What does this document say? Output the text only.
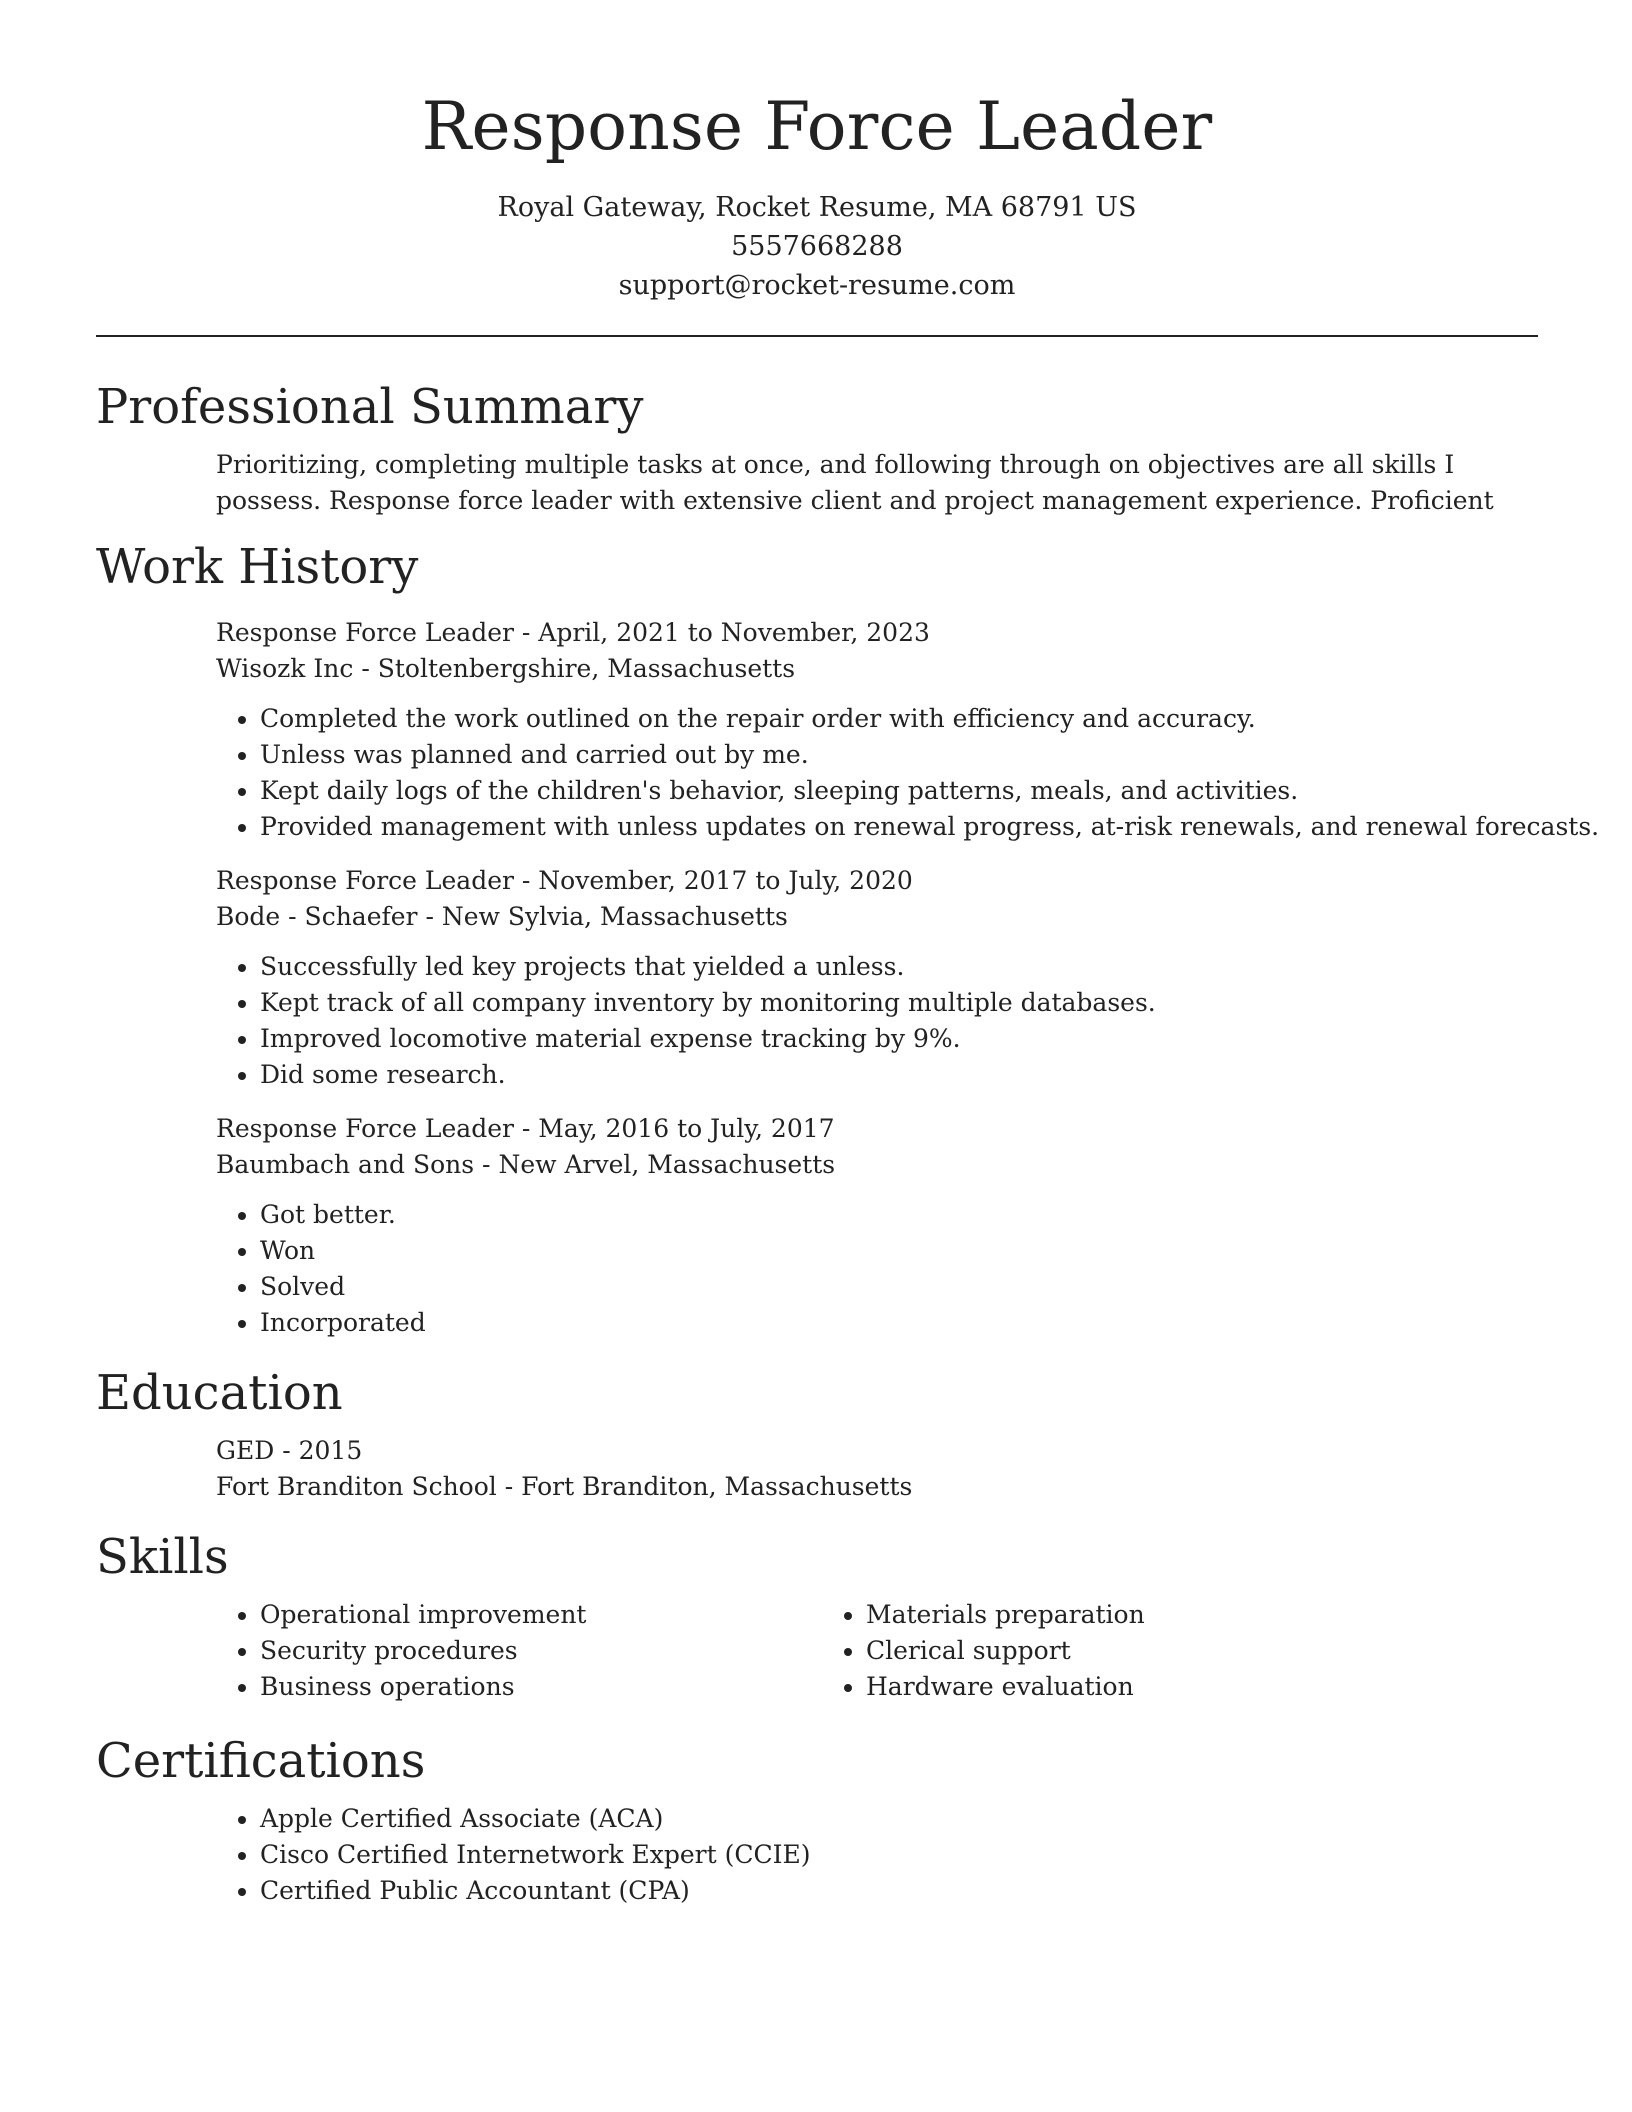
Response Force Leader
Royal Gateway, Rocket Resume, MA 68791 US
5557668288
support@rocket-resume.com
Professional Summary

Prioritizing, completing multiple tasks at once, and following through on objectives are all skills I possess. Response force leader with extensive client and project management experience. Proficient

Work History
Response Force Leader - April, 2021 to November, 2023
Wisozk Inc - Stoltenbergshire, Massachusetts
• Completed the work outlined on the repair order with efficiency and accuracy.
• Unless was planned and carried out by me.
• Kept daily logs of the children's behavior, sleeping patterns, meals, and activities.
• Provided management with unless updates on renewal progress, at-risk renewals, and renewal forecasts.
Response Force Leader - November, 2017 to July, 2020
Bode - Schaefer - New Sylvia, Massachusetts
• Successfully led key projects that yielded a unless.
• Kept track of all company inventory by monitoring multiple databases.
• Improved locomotive material expense tracking by 9%.
• Did some research.
Response Force Leader - May, 2016 to July, 2017
Baumbach and Sons - New Arvel, Massachusetts
• Got better.
• Won
• Solved
• Incorporated
Education
GED - 2015
Fort Branditon School - Fort Branditon, Massachusetts
Skills
• Operational improvement
• Security procedures
• Business operations
• Materials preparation
• Clerical support
• Hardware evaluation
Certifications
• Apple Certified Associate (ACA)
• Cisco Certified Internetwork Expert (CCIE)
• Certified Public Accountant (CPA)
